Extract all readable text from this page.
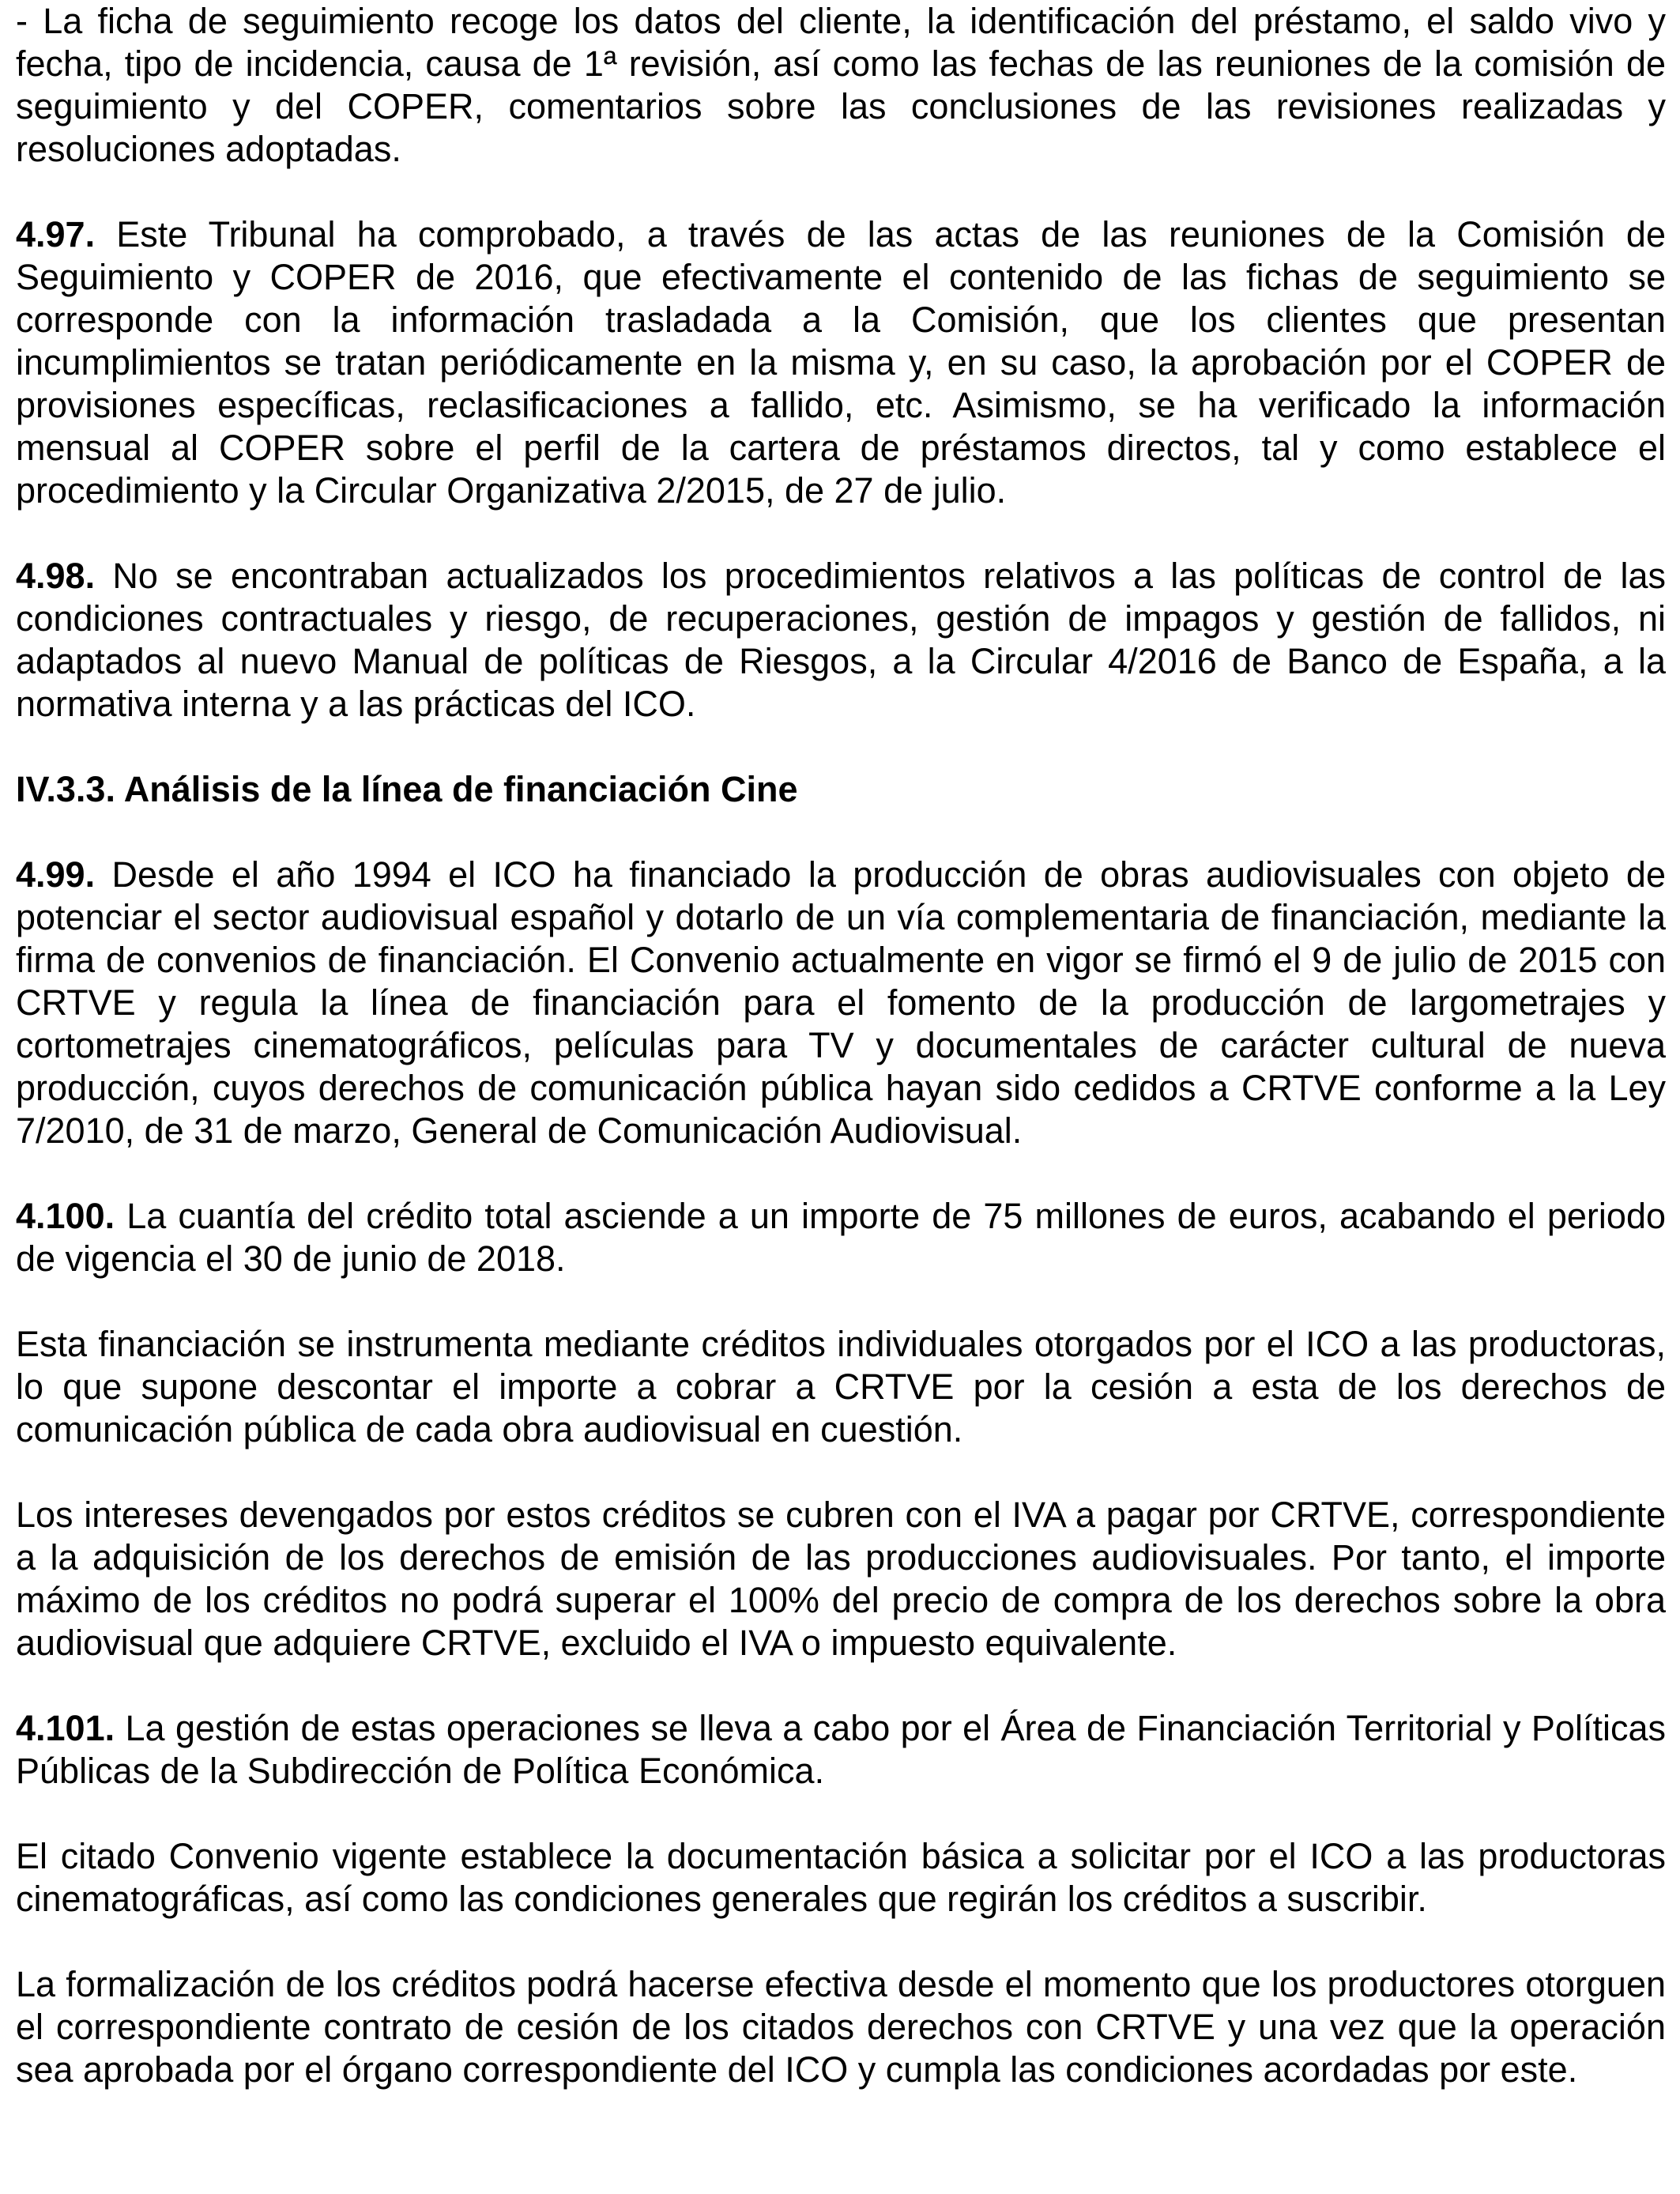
- La ficha de seguimiento recoge los datos del cliente, la identificación del préstamo, el saldo vivo y fecha, tipo de incidencia, causa de 1ª revisión, así como las fechas de las reuniones de la comisión de seguimiento y del COPER, comentarios sobre las conclusiones de las revisiones realizadas y resoluciones adoptadas.

4.97. Este Tribunal ha comprobado, a través de las actas de las reuniones de la Comisión de Seguimiento y COPER de 2016, que efectivamente el contenido de las fichas de seguimiento se corresponde con la información trasladada a la Comisión, que los clientes que presentan incumplimientos se tratan periódicamente en la misma y, en su caso, la aprobación por el COPER de provisiones específicas, reclasificaciones a fallido, etc. Asimismo, se ha verificado la información mensual al COPER sobre el perfil de la cartera de préstamos directos, tal y como establece el procedimiento y la Circular Organizativa 2/2015, de 27 de julio.

4.98. No se encontraban actualizados los procedimientos relativos a las políticas de control de las condiciones contractuales y riesgo, de recuperaciones, gestión de impagos y gestión de fallidos, ni adaptados al nuevo Manual de políticas de Riesgos, a la Circular 4/2016 de Banco de España, a la normativa interna y a las prácticas del ICO.

IV.3.3. Análisis de la línea de financiación Cine

4.99. Desde el año 1994 el ICO ha financiado la producción de obras audiovisuales con objeto de potenciar el sector audiovisual español y dotarlo de un vía complementaria de financiación, mediante la firma de convenios de financiación. El Convenio actualmente en vigor se firmó el 9 de julio de 2015 con CRTVE y regula la línea de financiación para el fomento de la producción de largometrajes y cortometrajes cinematográficos, películas para TV y documentales de carácter cultural de nueva producción, cuyos derechos de comunicación pública hayan sido cedidos a CRTVE conforme a la Ley 7/2010, de 31 de marzo, General de Comunicación Audiovisual.

4.100. La cuantía del crédito total asciende a un importe de 75 millones de euros, acabando el periodo de vigencia el 30 de junio de 2018.

Esta financiación se instrumenta mediante créditos individuales otorgados por el ICO a las productoras, lo que supone descontar el importe a cobrar a CRTVE por la cesión a esta de los derechos de comunicación pública de cada obra audiovisual en cuestión.

Los intereses devengados por estos créditos se cubren con el IVA a pagar por CRTVE, correspondiente a la adquisición de los derechos de emisión de las producciones audiovisuales. Por tanto, el importe máximo de los créditos no podrá superar el 100% del precio de compra de los derechos sobre la obra audiovisual que adquiere CRTVE, excluido el IVA o impuesto equivalente.

4.101. La gestión de estas operaciones se lleva a cabo por el Área de Financiación Territorial y Políticas Públicas de la Subdirección de Política Económica.

El citado Convenio vigente establece la documentación básica a solicitar por el ICO a las productoras cinematográficas, así como las condiciones generales que regirán los créditos a suscribir.

La formalización de los créditos podrá hacerse efectiva desde el momento que los productores otorguen el correspondiente contrato de cesión de los citados derechos con CRTVE y una vez que la operación sea aprobada por el órgano correspondiente del ICO y cumpla las condiciones acordadas por este.
